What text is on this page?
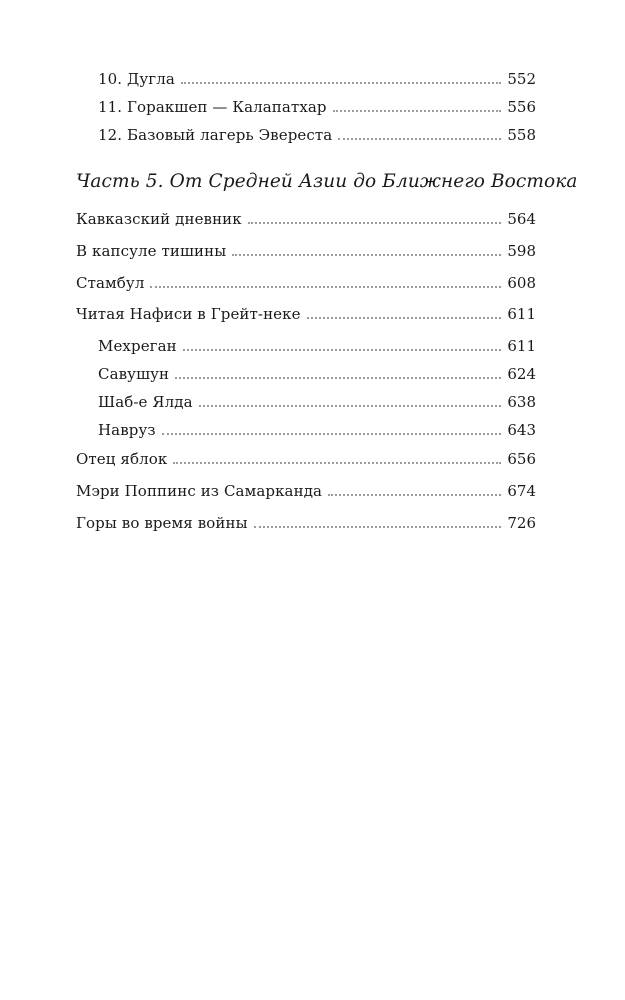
10. Дугла	552
11. Горакшеп — Калапатхар	556
12. Базовый лагерь Эвереста	558
Часть 5. От Средней Азии до Ближнего Востока
Кавказский дневник	564
В капсуле тишины	598
Стамбул	608
Читая Нафиси в Грейт-неке	611
Мехреган	611
Савушун	624
Шаб-е Ялда	638
Навруз	643
Отец яблок	656
Мэри Поппинс из Самарканда	674
Горы во время войны	726
